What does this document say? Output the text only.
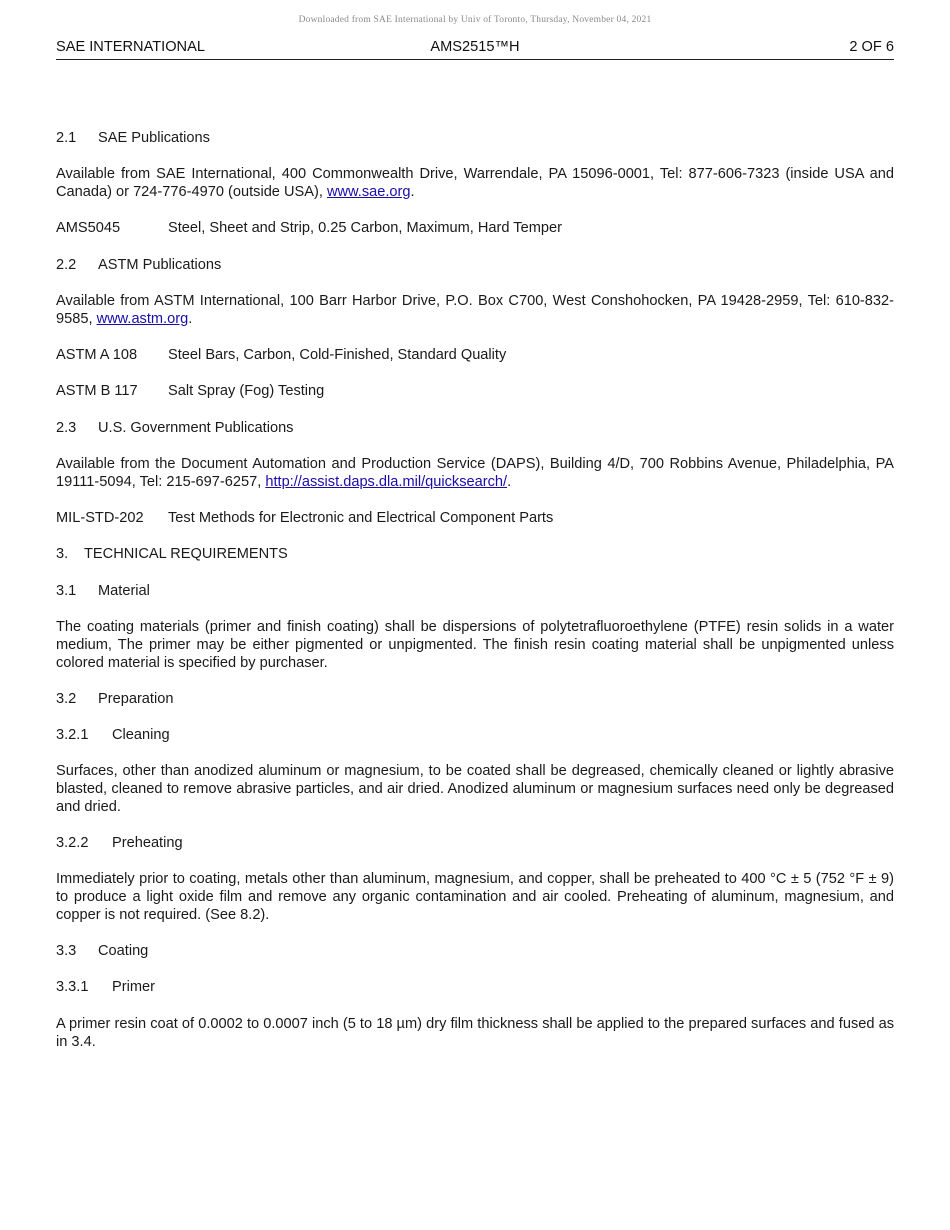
Downloaded from SAE International by Univ of Toronto, Thursday, November 04, 2021
SAE INTERNATIONAL	AMS2515™H	2 OF 6
2.1 SAE Publications
Available from SAE International, 400 Commonwealth Drive, Warrendale, PA 15096-0001, Tel: 877-606-7323 (inside USA and Canada) or 724-776-4970 (outside USA), www.sae.org.
AMS5045	Steel, Sheet and Strip, 0.25 Carbon, Maximum, Hard Temper
2.2 ASTM Publications
Available from ASTM International, 100 Barr Harbor Drive, P.O. Box C700, West Conshohocken, PA 19428-2959, Tel: 610-832-9585, www.astm.org.
ASTM A 108 Steel Bars, Carbon, Cold-Finished, Standard Quality
ASTM B 117 Salt Spray (Fog) Testing
2.3 U.S. Government Publications
Available from the Document Automation and Production Service (DAPS), Building 4/D, 700 Robbins Avenue, Philadelphia, PA 19111-5094, Tel: 215-697-6257, http://assist.daps.dla.mil/quicksearch/.
MIL-STD-202 Test Methods for Electronic and Electrical Component Parts
3. TECHNICAL REQUIREMENTS
3.1 Material
The coating materials (primer and finish coating) shall be dispersions of polytetrafluoroethylene (PTFE) resin solids in a water medium, The primer may be either pigmented or unpigmented. The finish resin coating material shall be unpigmented unless colored material is specified by purchaser.
3.2 Preparation
3.2.1 Cleaning
Surfaces, other than anodized aluminum or magnesium, to be coated shall be degreased, chemically cleaned or lightly abrasive blasted, cleaned to remove abrasive particles, and air dried. Anodized aluminum or magnesium surfaces need only be degreased and dried.
3.2.2 Preheating
Immediately prior to coating, metals other than aluminum, magnesium, and copper, shall be preheated to 400 °C ± 5 (752 °F ± 9) to produce a light oxide film and remove any organic contamination and air cooled. Preheating of aluminum, magnesium, and copper is not required. (See 8.2).
3.3 Coating
3.3.1 Primer
A primer resin coat of 0.0002 to 0.0007 inch (5 to 18 µm) dry film thickness shall be applied to the prepared surfaces and fused as in 3.4.
